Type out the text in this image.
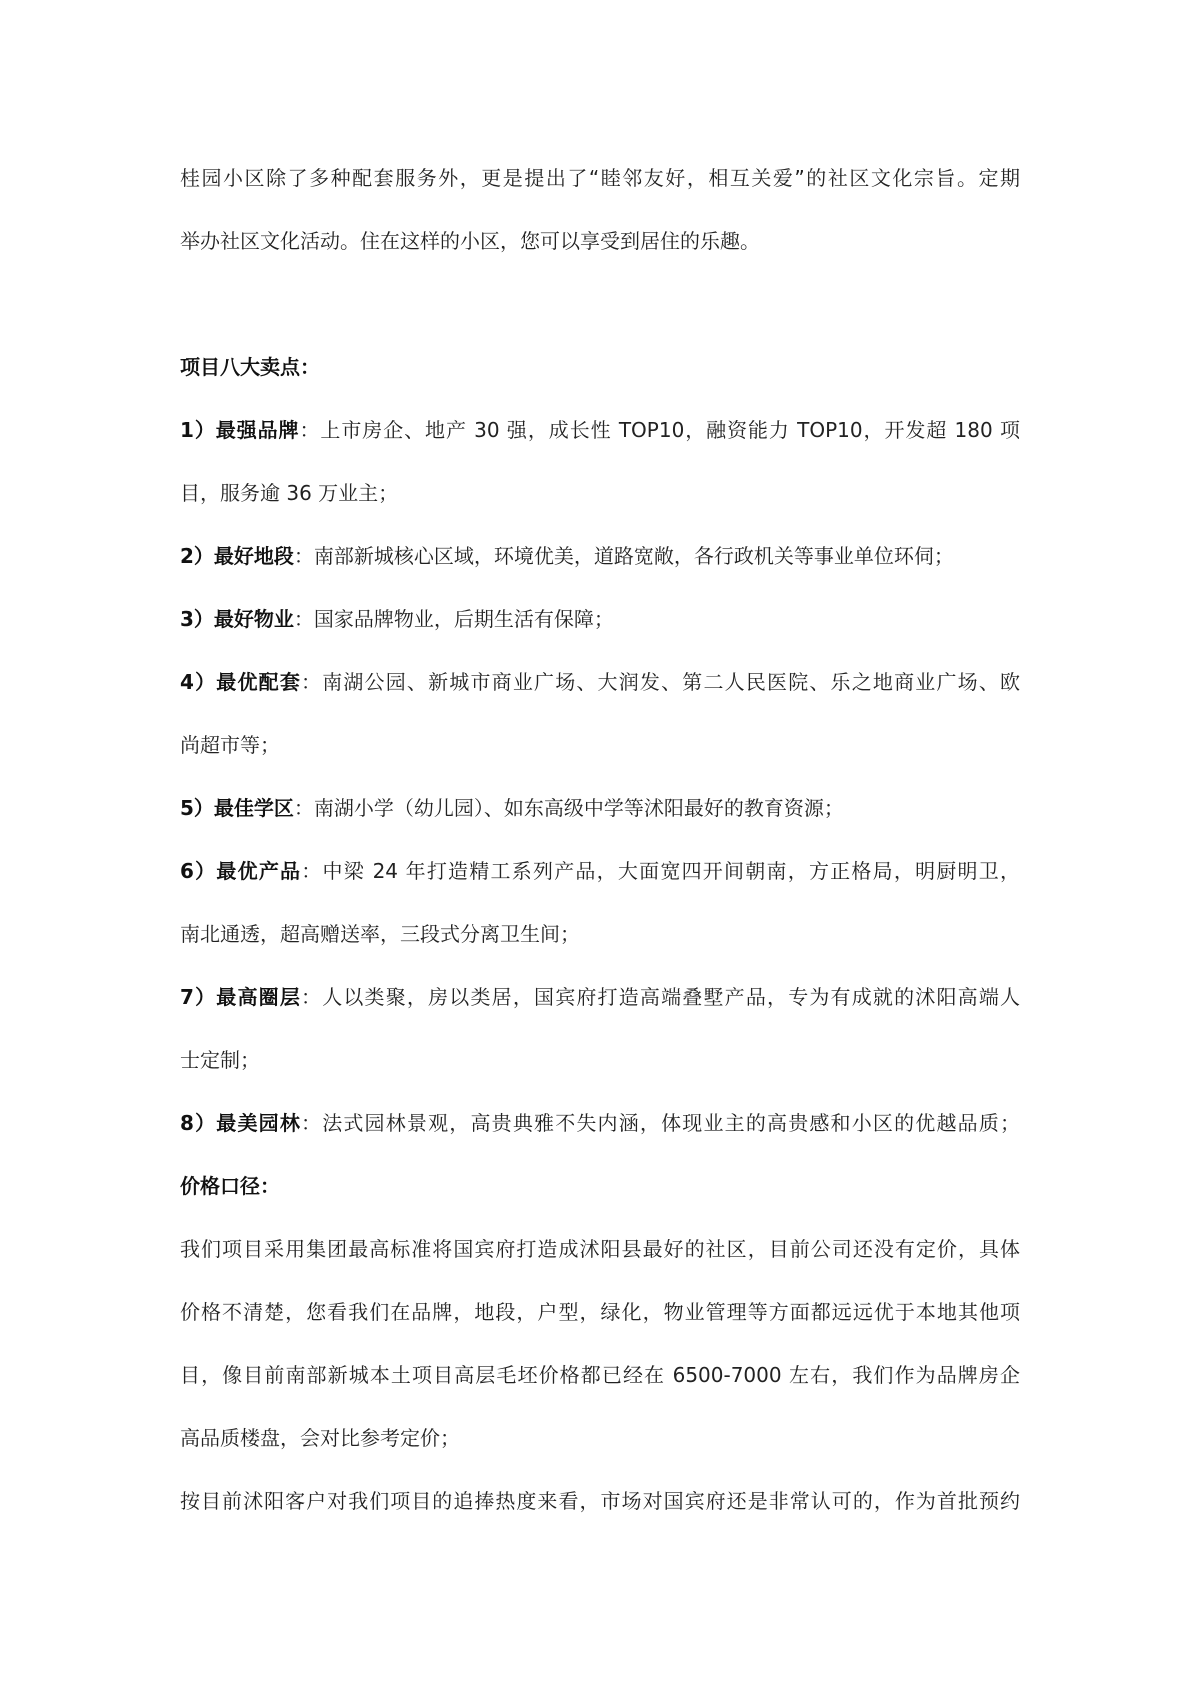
桂园小区除了多种配套服务外，更是提出了“睦邻友好，相互关爱”的社区文化宗旨。定期
举办社区文化活动。住在这样的小区，您可以享受到居住的乐趣。
项目八大卖点：
1）最强品牌：上市房企、地产 30 强，成长性 TOP10，融资能力 TOP10，开发超 180 项
目，服务逾 36 万业主；
2）最好地段：南部新城核心区域，环境优美，道路宽敞，各行政机关等事业单位环伺；
3）最好物业：国家品牌物业，后期生活有保障；
4）最优配套：南湖公园、新城市商业广场、大润发、第二人民医院、乐之地商业广场、欧
尚超市等；
5）最佳学区：南湖小学（幼儿园）、如东高级中学等沭阳最好的教育资源；
6）最优产品：中梁 24 年打造精工系列产品，大面宽四开间朝南，方正格局，明厨明卫，
南北通透，超高赠送率，三段式分离卫生间；
7）最高圈层：人以类聚，房以类居，国宾府打造高端叠墅产品，专为有成就的沭阳高端人
士定制；
8）最美园林：法式园林景观，高贵典雅不失内涵，体现业主的高贵感和小区的优越品质；
价格口径：
我们项目采用集团最高标准将国宾府打造成沭阳县最好的社区，目前公司还没有定价，具体
价格不清楚，您看我们在品牌，地段，户型，绿化，物业管理等方面都远远优于本地其他项
目，像目前南部新城本土项目高层毛坯价格都已经在 6500-7000 左右，我们作为品牌房企
高品质楼盘，会对比参考定价；
按目前沭阳客户对我们项目的追捧热度来看，市场对国宾府还是非常认可的，作为首批预约
